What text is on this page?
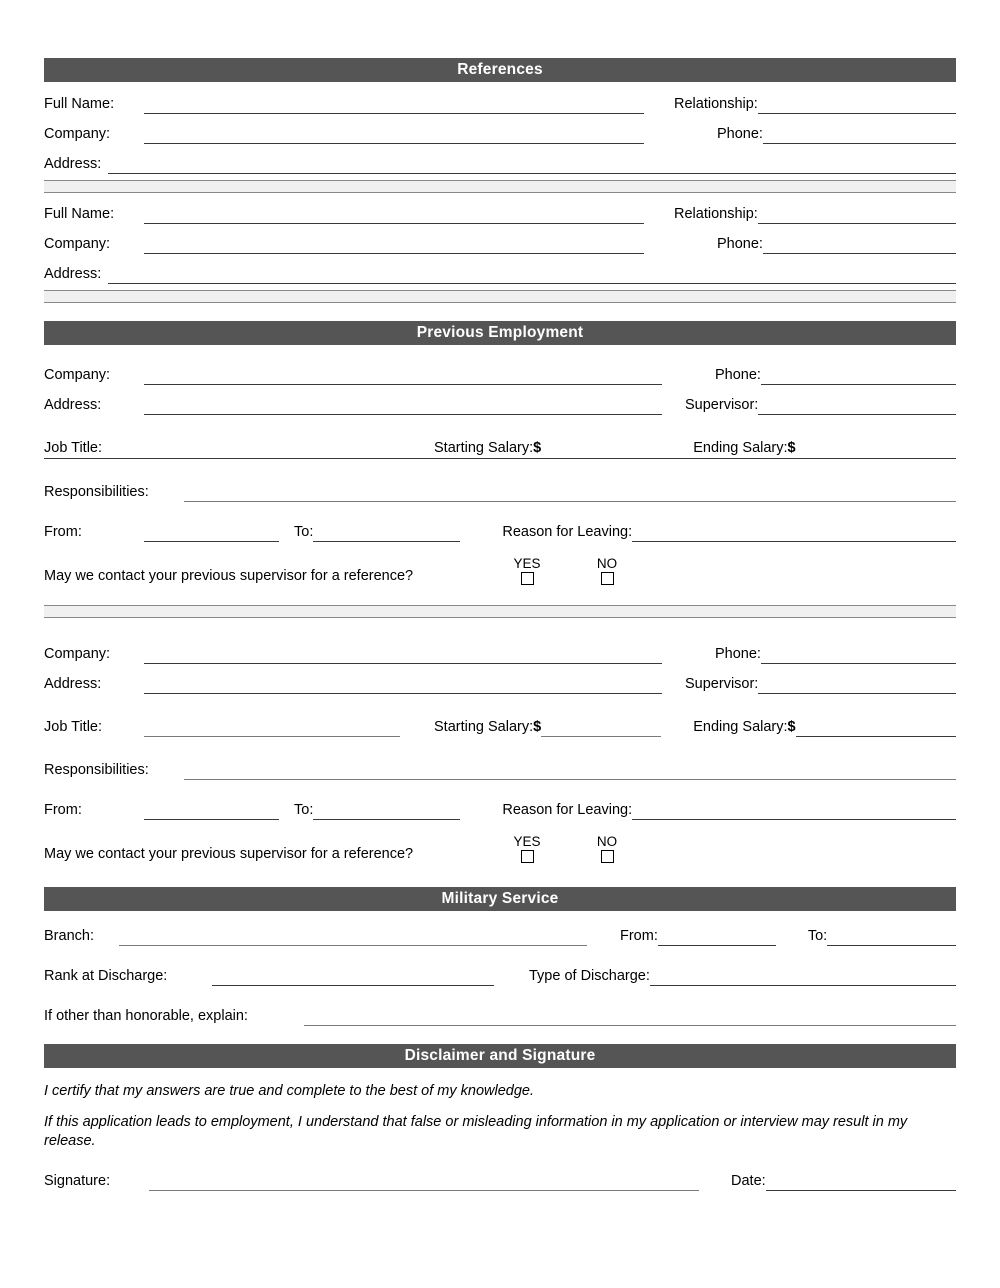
References
Full Name:	Relationship:
Company:	Phone:
Address:
Full Name:	Relationship:
Company:	Phone:
Address:
Previous Employment
Company:	Phone:
Address:	Supervisor:
Job Title:	Starting Salary: $	Ending Salary: $
Responsibilities:
From:	To:	Reason for Leaving:
May we contact your previous supervisor for a reference?
YES	NO
Company:	Phone:
Address:	Supervisor:
Job Title:	Starting Salary: $	Ending Salary: $
Responsibilities:
From:	To:	Reason for Leaving:
May we contact your previous supervisor for a reference?
YES	NO
Military Service
Branch:	From:	To:
Rank at Discharge:	Type of Discharge:
If other than honorable, explain:
Disclaimer and Signature
I certify that my answers are true and complete to the best of my knowledge.
If this application leads to employment, I understand that false or misleading information in my application or interview may result in my release.
Signature:	Date:
